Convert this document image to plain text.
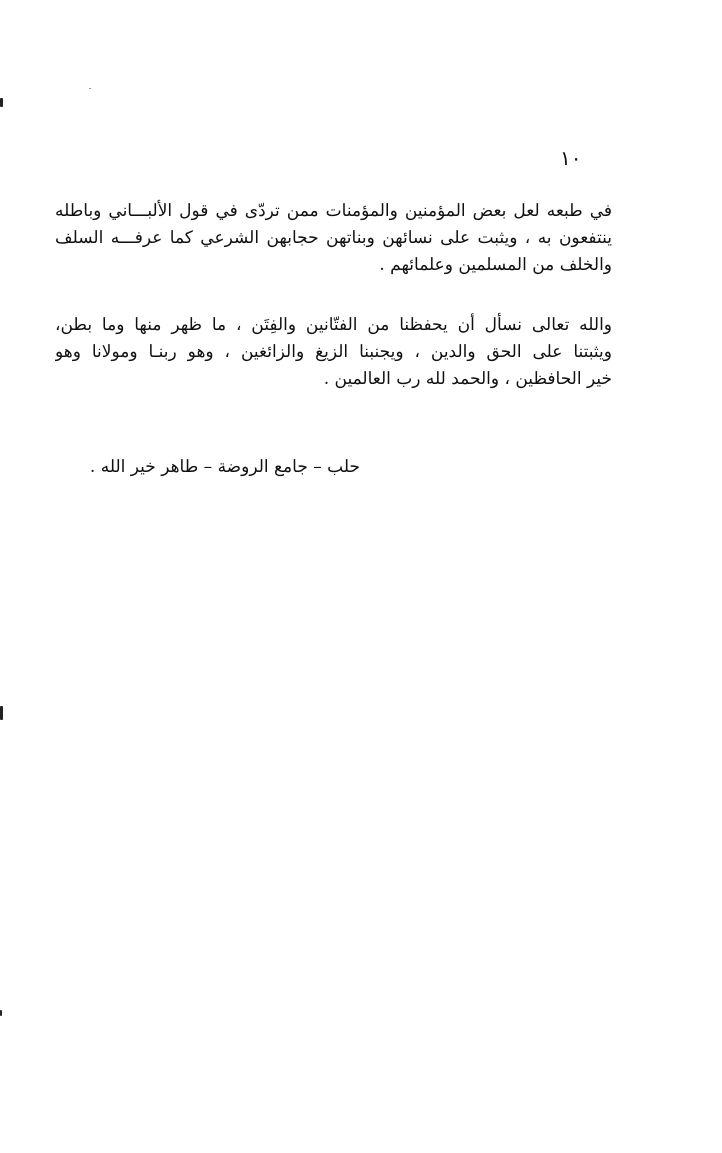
١٠
في طبعه لعل بعض المؤمنين والمؤمنات ممن تردّى في قول الألبـــاني وباطله
ينتفعون به ، ويثبت على نسائهن وبناتهن حجابهن الشرعي كما عرفـــه السلف
والخلف من المسلمين وعلمائهم .
والله تعالى نسأل أن يحفظنا من الفتّانين والفِتَن ، ما ظهر منها وما بطن،
ويثبتنا على الحق والدين ، ويجنبنا الزيغ والزائغين ، وهو ربنـا ومولانا وهو
خير الحافظين ، والحمد لله رب العالمين .
حلب – جامع الروضة – طاهر خير الله .
